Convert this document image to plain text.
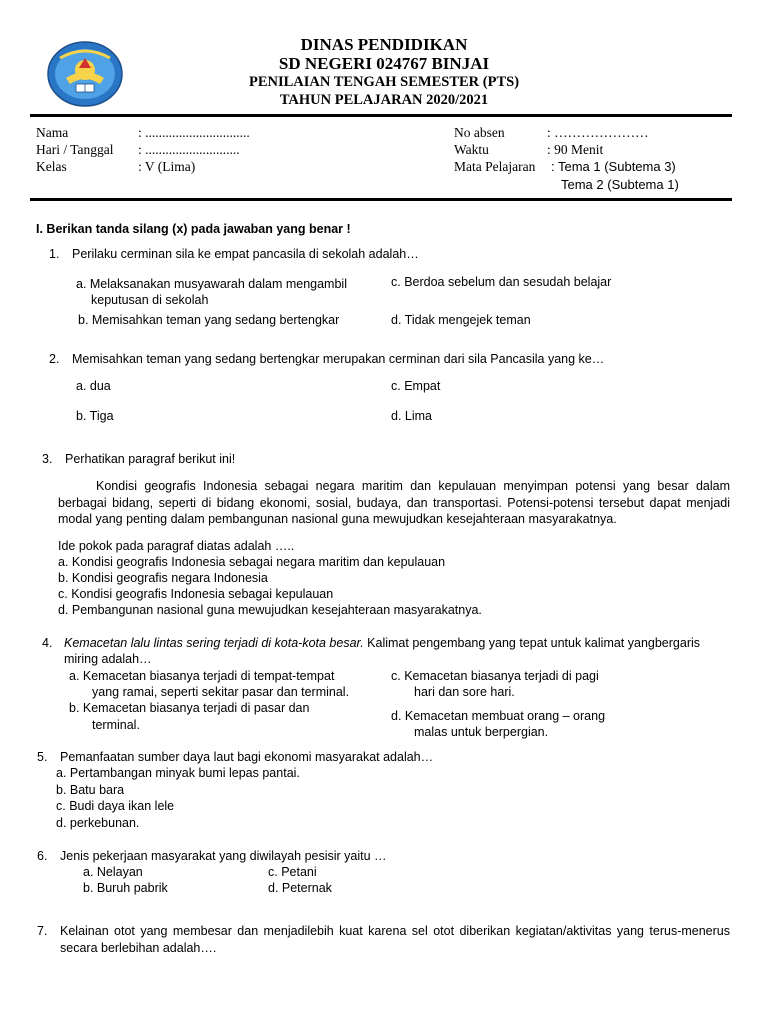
DINAS PENDIDIKAN
SD NEGERI 024767 BINJAI
PENILAIAN TENGAH SEMESTER (PTS)
TAHUN PELAJARAN 2020/2021
Nama	: ...............................
Hari / Tanggal : ............................
Kelas	: V (Lima)
No absen	: …………………
Waktu	: 90 Menit
Mata Pelajaran : Tema 1 (Subtema 3)
Tema 2 (Subtema 1)
I. Berikan tanda silang (x) pada jawaban yang benar !
1. Perilaku cerminan sila ke empat pancasila di sekolah adalah…
a. Melaksanakan musyawarah dalam mengambil
keputusan di sekolah
b. Memisahkan teman yang sedang bertengkar
c. Berdoa sebelum dan sesudah belajar
d. Tidak mengejek teman
2. Memisahkan teman yang sedang bertengkar merupakan cerminan dari sila Pancasila yang ke…
a. dua
b. Tiga
c. Empat
d. Lima
3. Perhatikan paragraf berikut ini!
Kondisi geografis Indonesia sebagai negara maritim dan kepulauan menyimpan potensi yang besar dalam berbagai bidang, seperti di bidang ekonomi, sosial, budaya, dan transportasi. Potensi-potensi tersebut dapat menjadi modal yang penting dalam pembangunan nasional guna mewujudkan kesejahteraan masyarakatnya.
Ide pokok pada paragraf diatas adalah …..
a. Kondisi geografis Indonesia sebagai negara maritim dan kepulauan
b. Kondisi geografis negara Indonesia
c. Kondisi geografis Indonesia sebagai kepulauan
d. Pembangunan nasional guna mewujudkan kesejahteraan masyarakatnya.
4. Kemacetan lalu lintas sering terjadi di kota-kota besar. Kalimat pengembang yang tepat untuk kalimat yangbergaris
miring adalah…
a. Kemacetan biasanya terjadi di tempat-tempat
yang ramai, seperti sekitar pasar dan terminal.
b. Kemacetan biasanya terjadi di pasar dan
terminal.
c. Kemacetan biasanya terjadi di pagi
hari dan sore hari.
d. Kemacetan membuat orang – orang
malas untuk berpergian.
5. Pemanfaatan sumber daya laut bagi ekonomi masyarakat adalah…
a. Pertambangan minyak bumi lepas pantai.
b. Batu bara
c. Budi daya ikan lele
d. perkebunan.
6. Jenis pekerjaan masyarakat yang diwilayah pesisir yaitu …
a. Nelayan
b. Buruh pabrik
c. Petani
d. Peternak
7. Kelainan otot yang membesar dan menjadilebih kuat karena sel otot diberikan kegiatan/aktivitas yang terus-menerus secara berlebihan adalah….
